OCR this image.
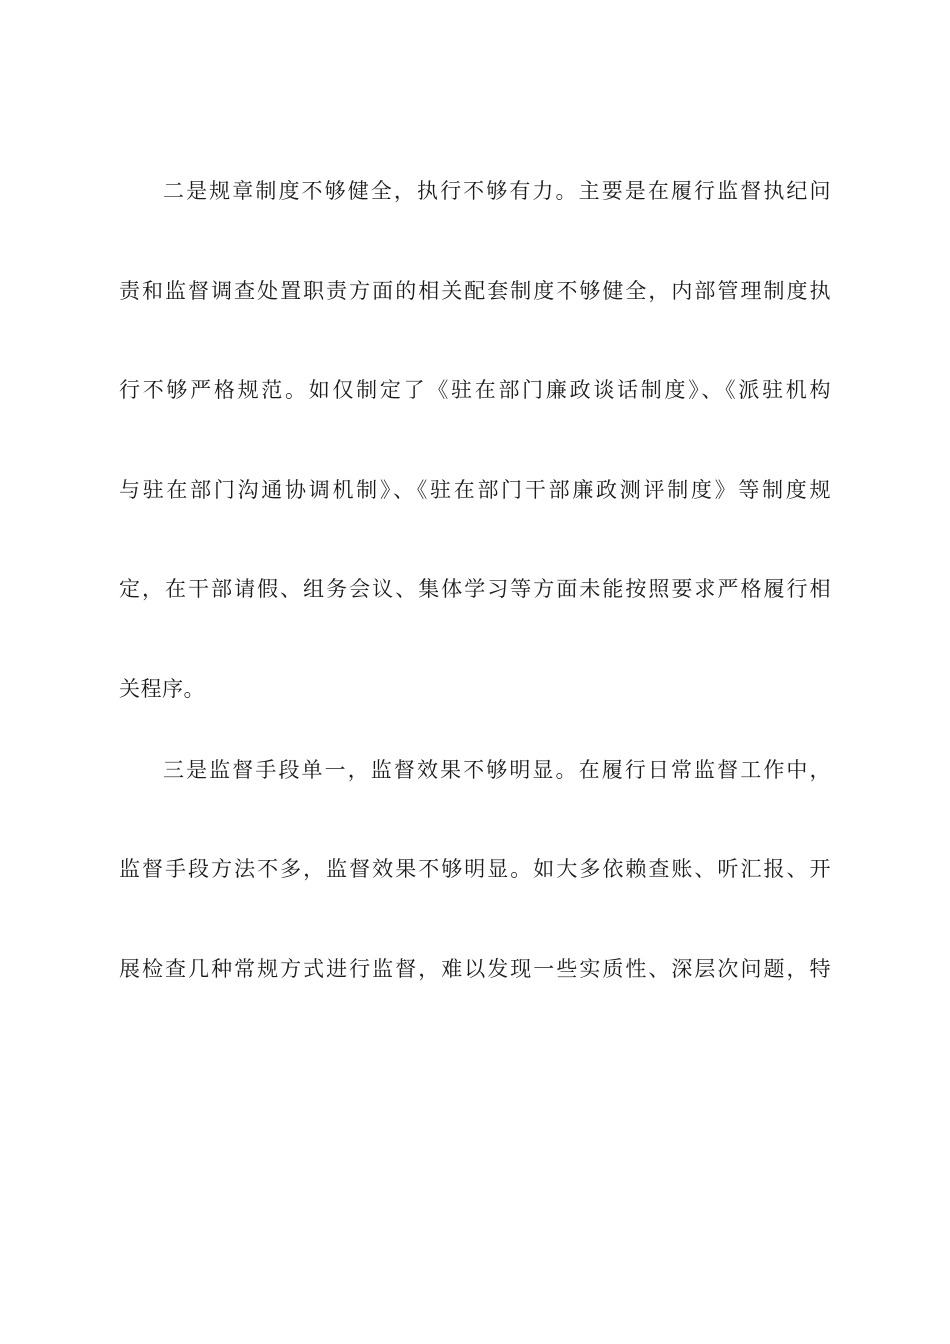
二是规章制度不够健全，执行不够有力。主要是在履行监督执纪问
责和监督调查处置职责方面的相关配套制度不够健全，内部管理制度执
行不够严格规范。如仅制定了《驻在部门廉政谈话制度》、《派驻机构
与驻在部门沟通协调机制》、《驻在部门干部廉政测评制度》等制度规
定，在干部请假、组务会议、集体学习等方面未能按照要求严格履行相
关程序。
三是监督手段单一，监督效果不够明显。在履行日常监督工作中，
监督手段方法不多，监督效果不够明显。如大多依赖查账、听汇报、开
展检查几种常规方式进行监督，难以发现一些实质性、深层次问题，特
